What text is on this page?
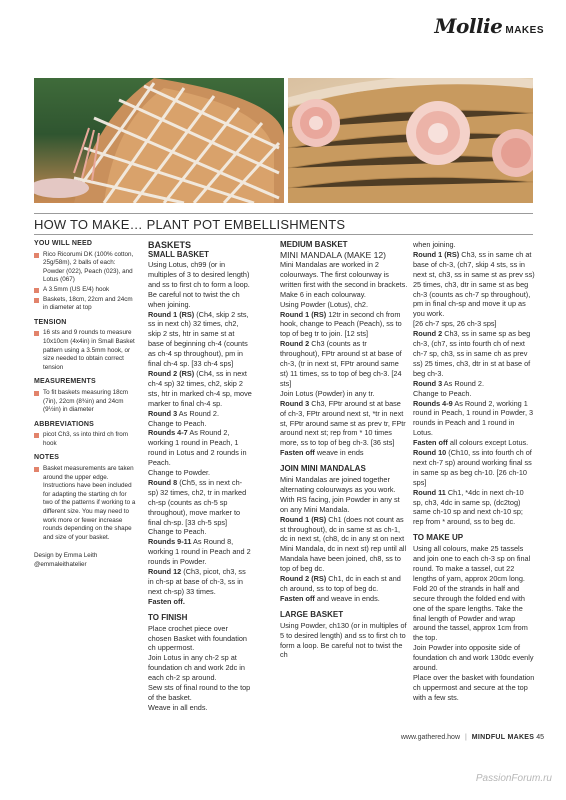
Mollie MAKES
HOW TO MAKE… PLANT POT EMBELLISHMENTS
YOU WILL NEED
Rico Ricorumi DK (100% cotton, 25g/58m), 2 balls of each: Powder (022), Peach (023), and Lotus (067)
A 3.5mm (US E/4) hook
Baskets, 18cm, 22cm and 24cm in diameter at top
TENSION
16 sts and 9 rounds to measure 10x10cm (4x4in) in Small Basket pattern using a 3.5mm hook, or size needed to obtain correct tension
MEASUREMENTS
To fit baskets measuring 18cm (7in), 22cm (8¾in) and 24cm (9½in) in diameter
ABBREVIATIONS
picot Ch3, ss into third ch from hook
NOTES
Basket measurements are taken around the upper edge. Instructions have been included for adapting the starting ch for two of the patterns if working to a different size. You may need to work more or fewer increase rounds depending on the shape and size of your basket.
Design by Emma Leith
@emmaleithatelier
BASKETS
SMALL BASKET

Using Lotus, ch99 (or in multiples of 3 to desired length) and ss to first ch to form a loop. Be careful not to twist the ch when joining.

Round 1 (RS) (Ch4, skip 2 sts, ss in next ch) 32 times, ch2, skip 2 sts, htr in same st at base of beginning ch-4 (counts as ch-4 sp throughout), pm in final ch-4 sp. [33 ch-4 sps]

Round 2 (RS) (Ch4, ss in next ch-4 sp) 32 times, ch2, skip 2 sts, htr in marked ch-4 sp, move marker to final ch-4 sp.

Round 3 As Round 2.

Change to Peach.

Rounds 4-7 As Round 2, working 1 round in Peach, 1 round in Lotus and 2 rounds in Peach.

Change to Powder.

Round 8 (Ch5, ss in next ch-sp) 32 times, ch2, tr in marked ch-sp (counts as ch-5 sp throughout), move marker to final ch-sp. [33 ch-5 sps]

Change to Peach.

Rounds 9-11 As Round 8, working 1 round in Peach and 2 rounds in Powder.

Round 12 (Ch3, picot, ch3, ss in ch-sp at base of ch-3, ss in next ch-sp) 33 times.

Fasten off.

TO FINISH

Place crochet piece over chosen Basket with foundation ch uppermost.

Join Lotus in any ch-2 sp at foundation ch and work 2dc in each ch-2 sp around.

Sew sts of final round to the top of the basket.

Weave in all ends.

MEDIUM BASKET
MINI MANDALA (MAKE 12)

Mini Mandalas are worked in 2 colourways. The first colourway is written first with the second in brackets. Make 6 in each colourway.

Using Powder (Lotus), ch2.

Round 1 (RS) 12tr in second ch from hook, change to Peach (Peach), ss to top of beg tr to join. [12 sts]

Round 2 Ch3 (counts as tr throughout), FPtr around st at base of ch-3, (tr in next st, FPtr around same st) 11 times, ss to top of beg ch-3. [24 sts]

Join Lotus (Powder) in any tr.

Round 3 Ch3, FPtr around st at base of ch-3, FPtr around next st, *tr in next st, FPtr around same st as prev tr, FPtr around next st; rep from * 10 times more, ss to top of beg ch-3. [36 sts]

Fasten off weave in ends

JOIN MINI MANDALAS

Mini Mandalas are joined together alternating colourways as you work.

With RS facing, join Powder in any st on any Mini Mandala.

Round 1 (RS) Ch1 (does not count as st throughout), dc in same st as ch-1, dc in next st, (ch8, dc in any st on next Mini Mandala, dc in next st) rep until all Mandala have been joined, ch8, ss to top of beg dc.

Round 2 (RS) Ch1, dc in each st and ch around, ss to top of beg dc.

Fasten off and weave in ends.

LARGE BASKET

Using Powder, ch130 (or in multiples of 5 to desired length) and ss to first ch to form a loop. Be careful not to twist the ch

when joining.

Round 1 (RS) Ch3, ss in same ch at base of ch-3, (ch7, skip 4 sts, ss in next st, ch3, ss in same st as prev ss) 25 times, ch3, dtr in same st as beg ch-3 (counts as ch-7 sp throughout), pm in final ch-sp and move it up as you work.

[26 ch-7 sps, 26 ch-3 sps]

Round 2 Ch3, ss in same sp as beg ch-3, (ch7, ss into fourth ch of next ch-7 sp, ch3, ss in same ch as prev ss) 25 times, ch3, dtr in st at base of beg ch-3.

Round 3 As Round 2.

Change to Peach.

Rounds 4-9 As Round 2, working 1 round in Peach, 1 round in Powder, 3 rounds in Peach and 1 round in Lotus.

Fasten off all colours except Lotus.

Round 10 (Ch10, ss into fourth ch of next ch-7 sp) around working final ss in same sp as beg ch-10. [26 ch-10 sps]

Round 11 Ch1, *4dc in next ch-10 sp, ch3, 4dc in same sp, (dc2tog) same ch-10 sp and next ch-10 sp; rep from * around, ss to beg dc.

TO MAKE UP

Using all colours, make 25 tassels and join one to each ch-3 sp on final round. To make a tassel, cut 22 lengths of yarn, approx 20cm long. Fold 20 of the strands in half and secure through the folded end with one of the spare lengths. Take the final length of Powder and wrap around the tassel, approx 1cm from the top.

Join Powder into opposite side of foundation ch and work 130dc evenly around.

Place over the basket with foundation ch uppermost and secure at the top with a few sts.

www.gathered.how | MINDFUL MAKES 45
PassionForum.ru
